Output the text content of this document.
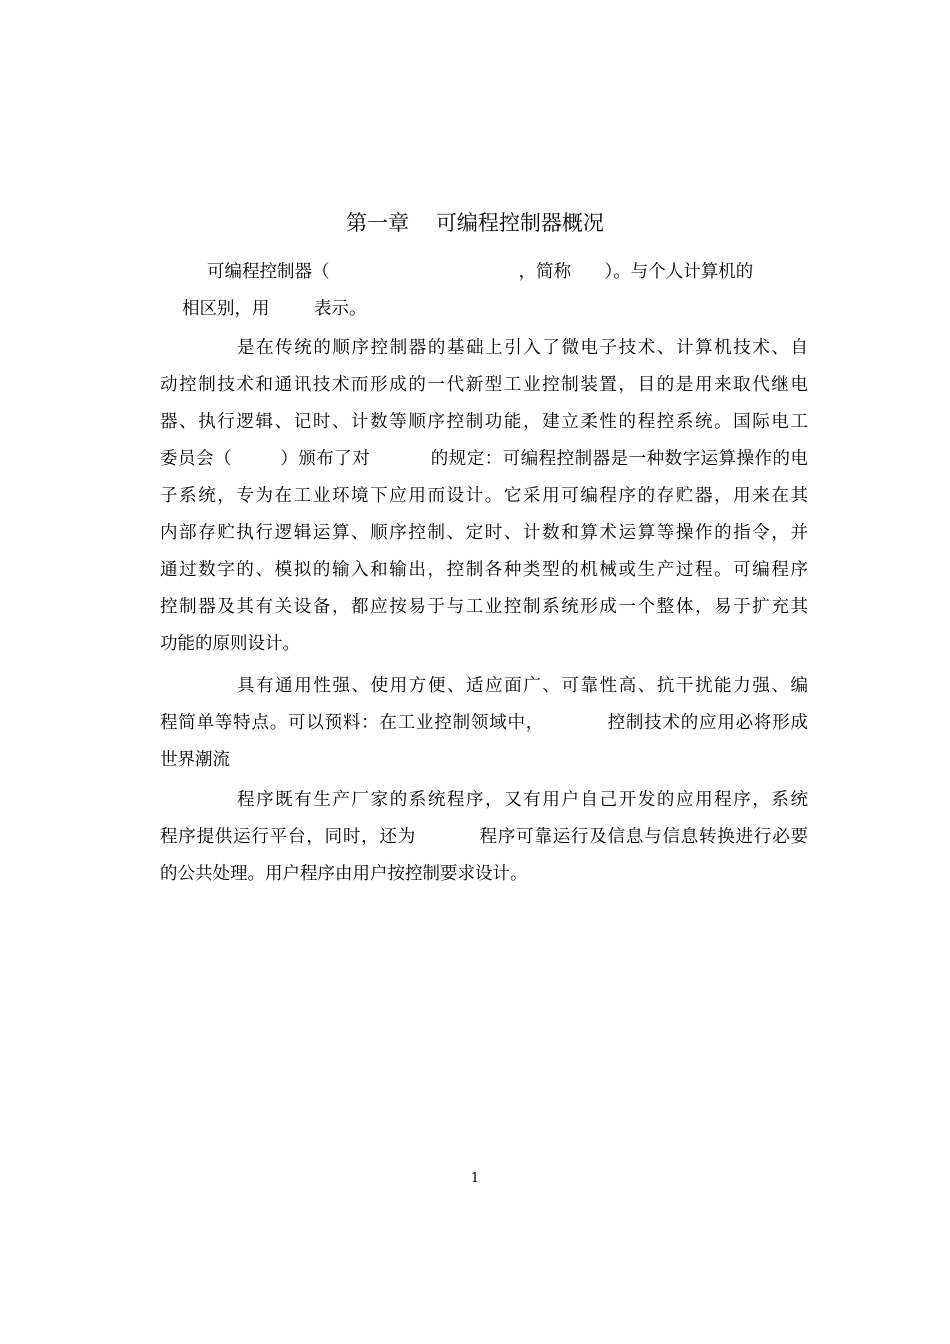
第一章    可编程控制器概况
可编程控制器（                                  ，简称      ）。与个人计算机的
相区别，用        表示。
是在传统的顺序控制器的基础上引入了微电子技术、计算机技术、自
动控制技术和通讯技术而形成的一代新型工业控制装置，目的是用来取代继电
器、执行逻辑、记时、计数等顺序控制功能，建立柔性的程控系统。国际电工
委员会（        ）颁布了对          的规定：可编程控制器是一种数字运算操作的电
子系统，专为在工业环境下应用而设计。它采用可编程序的存贮器，用来在其
内部存贮执行逻辑运算、顺序控制、定时、计数和算术运算等操作的指令，并
通过数字的、模拟的输入和输出，控制各种类型的机械或生产过程。可编程序
控制器及其有关设备，都应按易于与工业控制系统形成一个整体，易于扩充其
功能的原则设计。
具有通用性强、使用方便、适应面广、可靠性高、抗干扰能力强、编
程简单等特点。可以预料：在工业控制领域中，          控制技术的应用必将形成
世界潮流
程序既有生产厂家的系统程序，又有用户自己开发的应用程序，系统
程序提供运行平台，同时，还为          程序可靠运行及信息与信息转换进行必要
的公共处理。用户程序由用户按控制要求设计。
1
